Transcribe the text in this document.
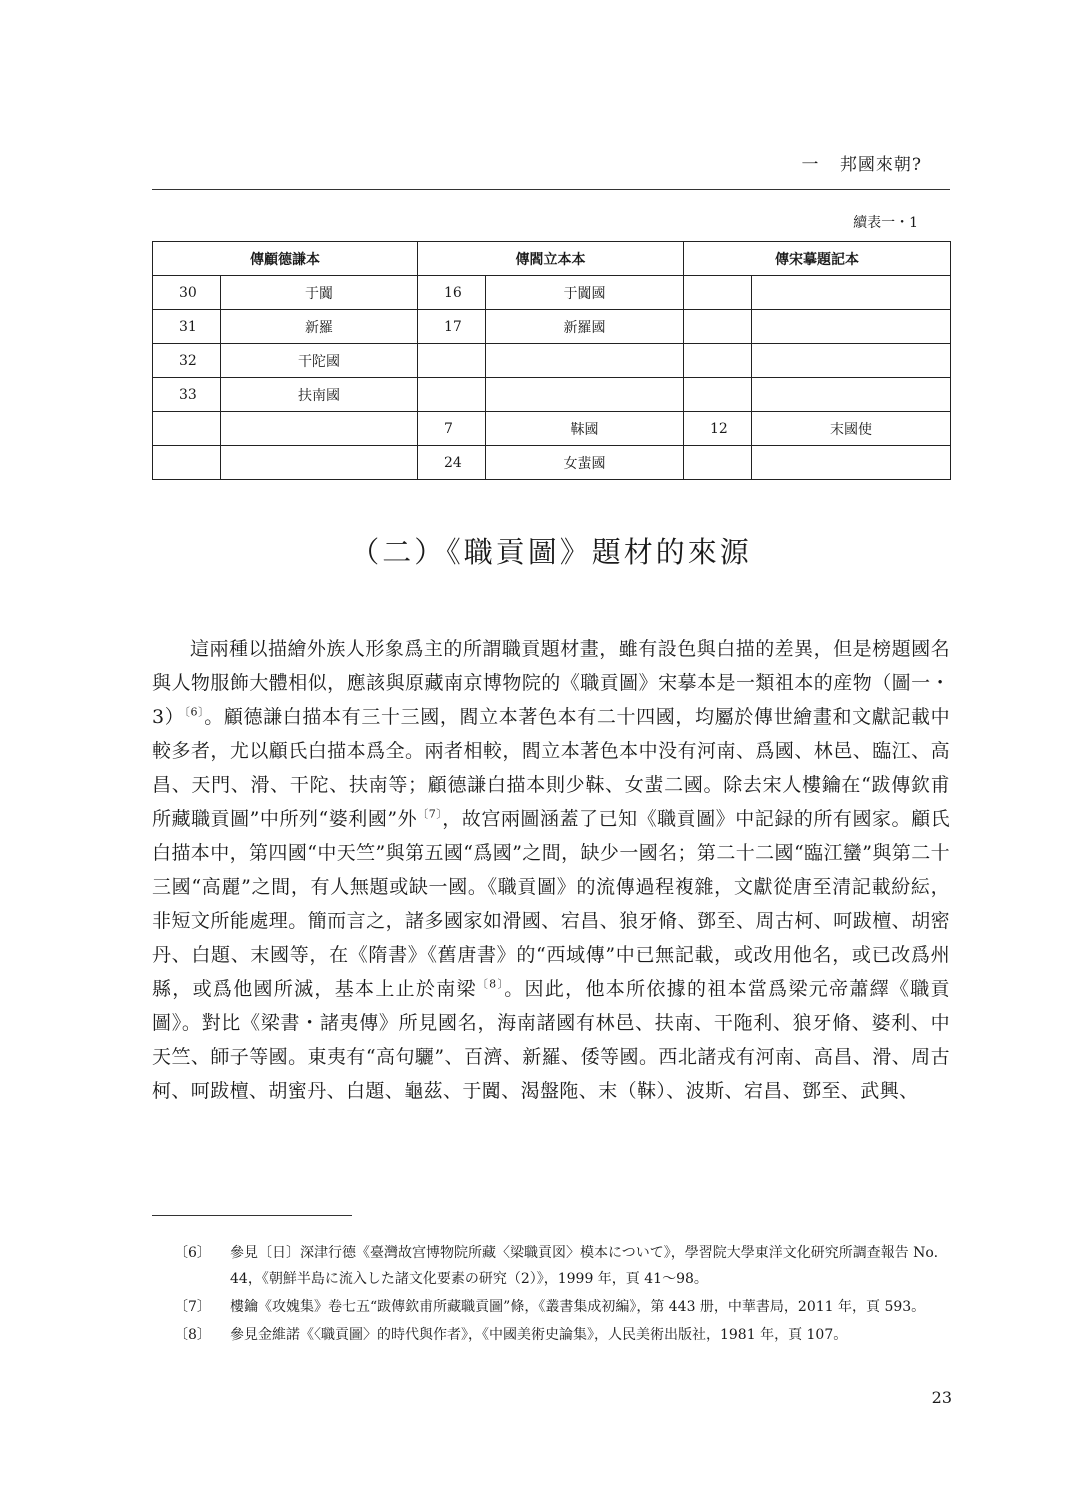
一 邦國來朝?
續表一・1
傳顧德謙本		傳閻立本本		傳宋摹題記本	
30	于闐	16	于闐國		
31	新羅	17	新羅國		
32	干陀國				
33	扶南國				
		7	靺國	12	末國使
		24	女蜚國		
（二）《職貢圖》題材的來源

這兩種以描繪外族人形象爲主的所謂職貢題材畫，雖有設色與白描的差異，但是榜題國名與人物服飾大體相似，應該與原藏南京博物院的《職貢圖》宋摹本是一類祖本的産物（圖一・3）$^{〔6〕}$。顧德謙白描本有三十三國，閻立本著色本有二十四國，均屬於傳世繪畫和文獻記載中較多者，尤以顧氏白描本爲全。兩者相較，閻立本著色本中没有河南、爲國、林邑、臨江、高昌、天門、滑、干陀、扶南等；顧德謙白描本則少靺、女蜚二國。除去宋人樓鑰在“跋傳欽甫所藏職貢圖”中所列“婆利國”外$^{〔7〕}$，故宫兩圖涵蓋了已知《職貢圖》中記録的所有國家。顧氏白描本中，第四國“中天竺”與第五國“爲國”之間，缺少一國名；第二十二國“臨江蠻”與第二十三國“高麗”之間，有人無題或缺一國。《職貢圖》的流傳過程複雜，文獻從唐至清記載紛紜，非短文所能處理。簡而言之，諸多國家如滑國、宕昌、狼牙脩、鄧至、周古柯、呵跋檀、胡密丹、白題、末國等，在《隋書》《舊唐書》的“西域傳”中已無記載，或改用他名，或已改爲州縣，或爲他國所滅，基本上止於南梁$^{〔8〕}$。因此，他本所依據的祖本當爲梁元帝蕭繹《職貢圖》。對比《梁書・諸夷傳》所見國名，海南諸國有林邑、扶南、干陁利、狼牙脩、婆利、中天竺、師子等國。東夷有“高句驪”、百濟、新羅、倭等國。西北諸戎有河南、高昌、滑、周古柯、呵跋檀、胡蜜丹、白題、龜茲、于闐、渴盤陁、末（靺）、波斯、宕昌、鄧至、武興、

〔6〕 參見〔日〕深津行德《臺灣故宫博物院所藏〈梁職貢図〉模本について》，學習院大學東洋文化研究所調查報告 No. 44，《朝鮮半島に流入した諸文化要素の研究（2）》，1999 年，頁 41～98。
〔7〕 樓鑰《攻媿集》卷七五“跋傳欽甫所藏職貢圖”條，《叢書集成初編》，第 443 册，中華書局，2011 年，頁 593。
〔8〕 參見金維諾《〈職貢圖〉的時代與作者》，《中國美術史論集》，人民美術出版社，1981 年，頁 107。
23
